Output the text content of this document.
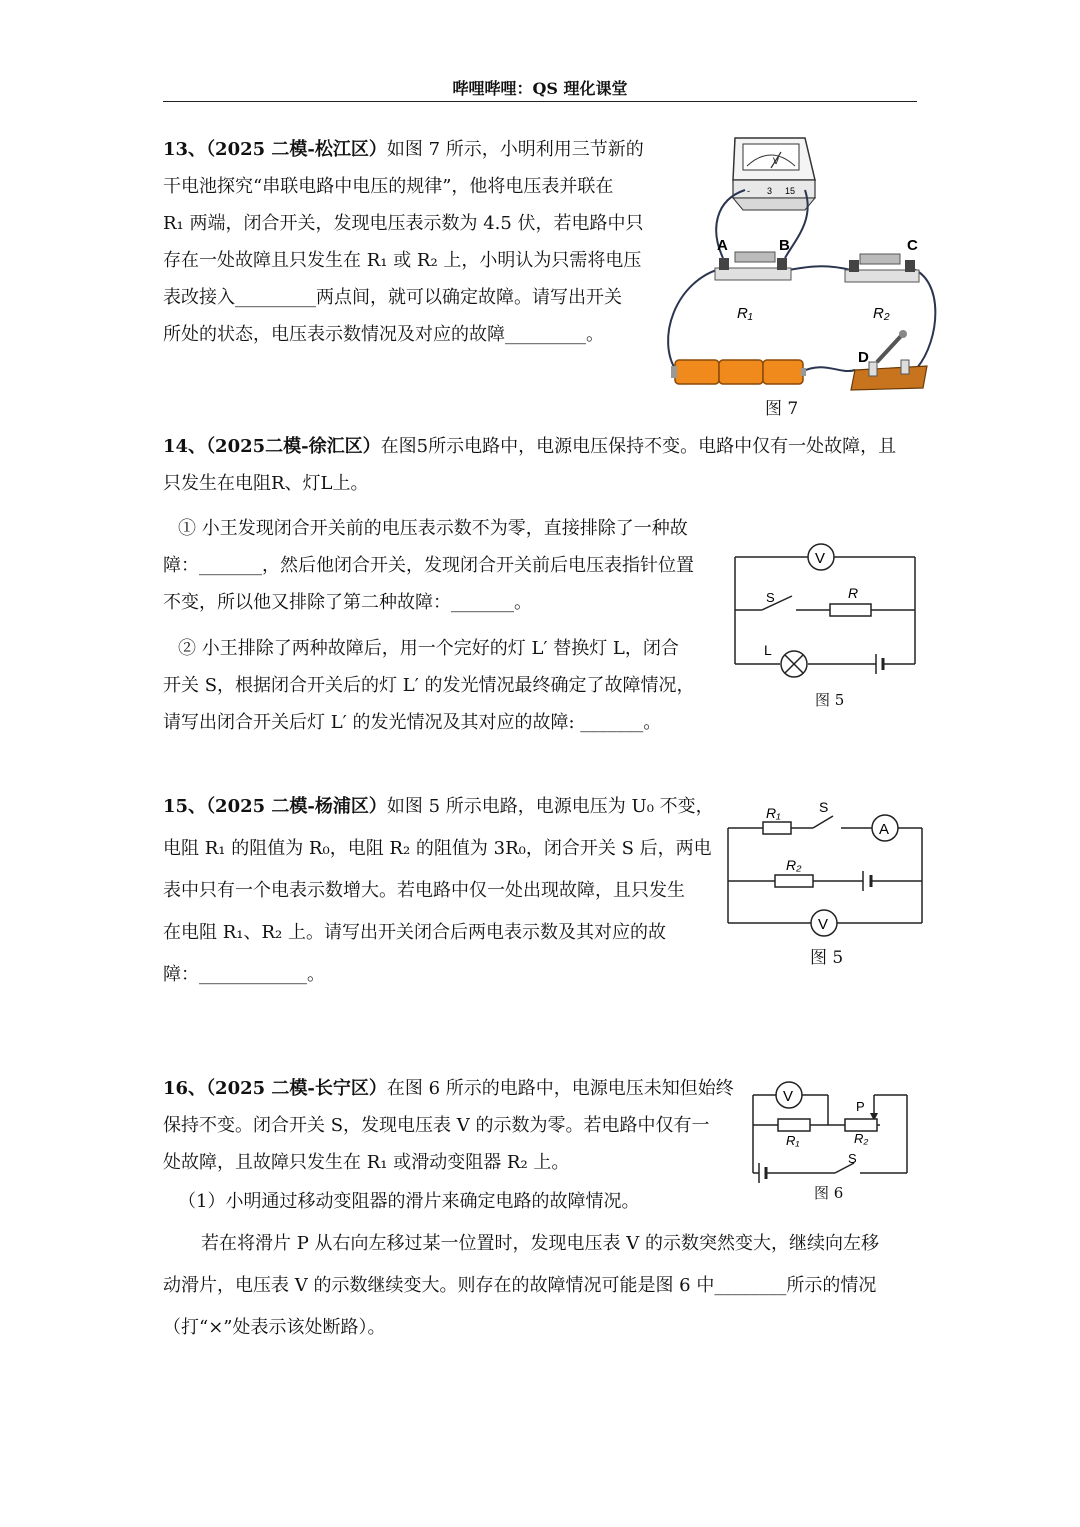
哔哩哔哩：QS 理化课堂
13、（2025 二模-松江区）如图 7 所示，小明利用三节新的
干电池探究“串联电路中电压的规律”，他将电压表并联在
R₁ 两端，闭合开关，发现电压表示数为 4.5 伏，若电路中只
存在一处故障且只发生在 R₁ 或 R₂ 上，小明认为只需将电压
表改接入_________两点间，就可以确定故障。请写出开关
所处的状态，电压表示数情况及对应的故障_________。
V
- 3 15
A	B
R₁
C
R₂
D
图 7
14、（2025二模-徐汇区）在图5所示电路中，电源电压保持不变。电路中仅有一处故障，且
只发生在电阻R、灯L上。
① 小王发现闭合开关前的电压表示数不为零，直接排除了一种故
障：_______，然后他闭合开关，发现闭合开关前后电压表指针位置
不变，所以他又排除了第二种故障：_______。
② 小王排除了两种故障后，用一个完好的灯 L′ 替换灯 L，闭合
开关 S，根据闭合开关后的灯 L′ 的发光情况最终确定了故障情况，
请写出闭合开关后灯 L′ 的发光情况及其对应的故障: _______。
V
R
S
L
图 5
15、（2025 二模-杨浦区）如图 5 所示电路，电源电压为 U₀ 不变，
电阻 R₁ 的阻值为 R₀，电阻 R₂ 的阻值为 3R₀，闭合开关 S 后，两电
表中只有一个电表示数增大。若电路中仅一处出现故障，且只发生
在电阻 R₁、R₂ 上。请写出开关闭合后两电表示数及其对应的故
障：____________。
R₁	S
A
R₂
V
图 5
16、（2025 二模-长宁区）在图 6 所示的电路中，电源电压未知但始终
保持不变。闭合开关 S，发现电压表 V 的示数为零。若电路中仅有一
处故障，且故障只发生在 R₁ 或滑动变阻器 R₂ 上。
（1）小明通过移动变阻器的滑片来确定电路的故障情况。
若在将滑片 P 从右向左移过某一位置时，发现电压表 V 的示数突然变大，继续向左移
动滑片，电压表 V 的示数继续变大。则存在的故障情况可能是图 6 中________所示的情况
（打“×”处表示该处断路）。
V
R₁	R₂
P
S
图 6
